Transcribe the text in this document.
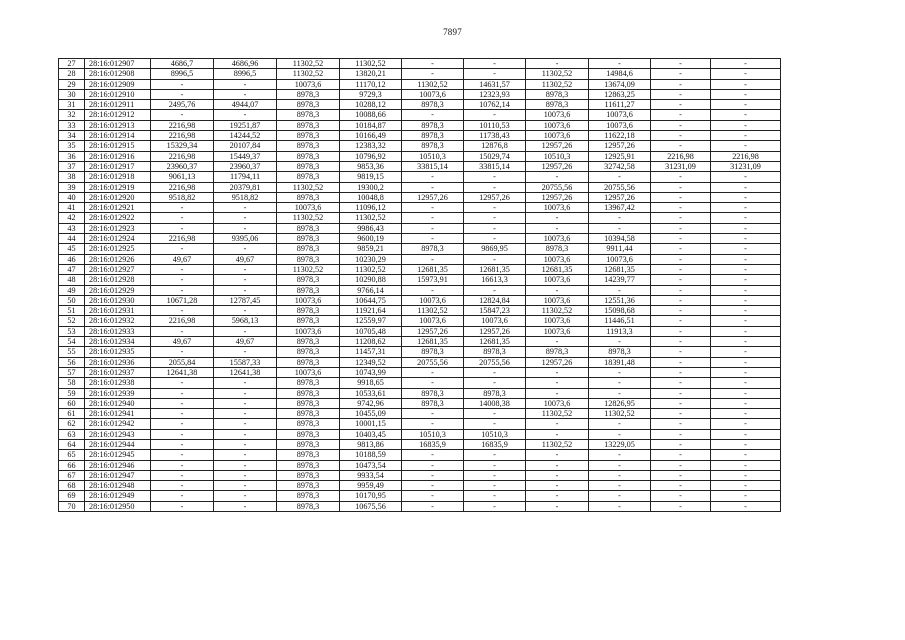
7897
27	28:16:012907	4686,7	4686,96	11302,52	11302,52	-	-	-	-	-	-
28	28:16:012908	8996,5	8996,5	11302,52	13820,21	-	-	11302,52	14984,6	-	-
29	28:16:012909	-	-	10073,6	11170,12	11302,52	14631,57	11302,52	13674,09	-	-
30	28:16:012910	-	-	8978,3	9729,3	10073,6	12323,93	8978,3	12863,25	-	-
31	28:16:012911	2495,76	4944,07	8978,3	10288,12	8978,3	10762,14	8978,3	11611,27	-	-
32	28:16:012912	-	-	8978,3	10088,66	-	-	10073,6	10073,6	-	-
33	28:16:012913	2216,98	19251,87	8978,3	10184,87	8978,3	10110,53	10073,6	10073,6	-	-
34	28:16:012914	2216,98	14244,52	8978,3	10166,49	8978,3	11738,43	10073,6	11622,18	-	-
35	28:16:012915	15329,34	20107,84	8978,3	12383,32	8978,3	12876,8	12957,26	12957,26	-	-
36	28:16:012916	2216,98	15449,37	8978,3	10796,92	10510,3	15029,74	10510,3	12925,91	2216,98	2216,98
37	28:16:012917	23960,37	23960,37	8978,3	9853,36	33815,14	33815,14	12957,26	32742,58	31231,09	31231,09
38	28:16:012918	9061,13	11794,11	8978,3	9819,15	-	-	-	-	-	-
39	28:16:012919	2216,98	20379,81	11302,52	19300,2	-	-	20755,56	20755,56	-	-
40	28:16:012920	9518,82	9518,82	8978,3	10048,8	12957,26	12957,26	12957,26	12957,26	-	-
41	28:16:012921	-	-	10073,6	11096,12	-	-	10073,6	13967,42	-	-
42	28:16:012922	-	-	11302,52	11302,52	-	-	-	-	-	-
43	28:16:012923	-	-	8978,3	9986,43	-	-	-	-	-	-
44	28:16:012924	2216,98	9395,06	8978,3	9600,19	-	-	10073,6	10394,58	-	-
45	28:16:012925	-	-	8978,3	9859,21	8978,3	9869,95	8978,3	9911,44	-	-
46	28:16:012926	49,67	49,67	8978,3	10230,29	-	-	10073,6	10073,6	-	-
47	28:16:012927	-	-	11302,52	11302,52	12681,35	12681,35	12681,35	12681,35	-	-
48	28:16:012928	-	-	8978,3	10290,88	15973,91	16613,3	10073,6	14239,77	-	-
49	28:16:012929	-	-	8978,3	9766,14	-	-	-	-	-	-
50	28:16:012930	10671,28	12787,45	10073,6	10644,75	10073,6	12824,84	10073,6	12551,36	-	-
51	28:16:012931	-	-	8978,3	11921,64	11302,52	15847,23	11302,52	15098,68	-	-
52	28:16:012932	2216,98	5968,13	8978,3	12559,97	10073,6	10073,6	10073,6	11446,51	-	-
53	28:16:012933	-	-	10073,6	10705,48	12957,26	12957,26	10073,6	11913,3	-	-
54	28:16:012934	49,67	49,67	8978,3	11208,62	12681,35	12681,35	-	-	-	-
55	28:16:012935	-	-	8978,3	11457,31	8978,3	8978,3	8978,3	8978,3	-	-
56	28:16:012936	2055,84	15587,33	8978,3	12349,52	20755,56	20755,56	12957,26	18391,48	-	-
57	28:16:012937	12641,38	12641,38	10073,6	10743,99	-	-	-	-	-	-
58	28:16:012938	-	-	8978,3	9918,65	-	-	-	-	-	-
59	28:16:012939	-	-	8978,3	10533,61	8978,3	8978,3	-	-	-	-
60	28:16:012940	-	-	8978,3	9742,96	8978,3	14008,38	10073,6	12826,95	-	-
61	28:16:012941	-	-	8978,3	10455,09	-	-	11302,52	11302,52	-	-
62	28:16:012942	-	-	8978,3	10001,15	-	-	-	-	-	-
63	28:16:012943	-	-	8978,3	10403,45	10510,3	10510,3	-	-	-	-
64	28:16:012944	-	-	8978,3	9813,86	16835,9	16835,9	11302,52	13229,05	-	-
65	28:16:012945	-	-	8978,3	10188,59	-	-	-	-	-	-
66	28:16:012946	-	-	8978,3	10473,54	-	-	-	-	-	-
67	28:16:012947	-	-	8978,3	9933,54	-	-	-	-	-	-
68	28:16:012948	-	-	8978,3	9959,49	-	-	-	-	-	-
69	28:16:012949	-	-	8978,3	10170,95	-	-	-	-	-	-
70	28:16:012950	-	-	8978,3	10675,56	-	-	-	-	-	-
